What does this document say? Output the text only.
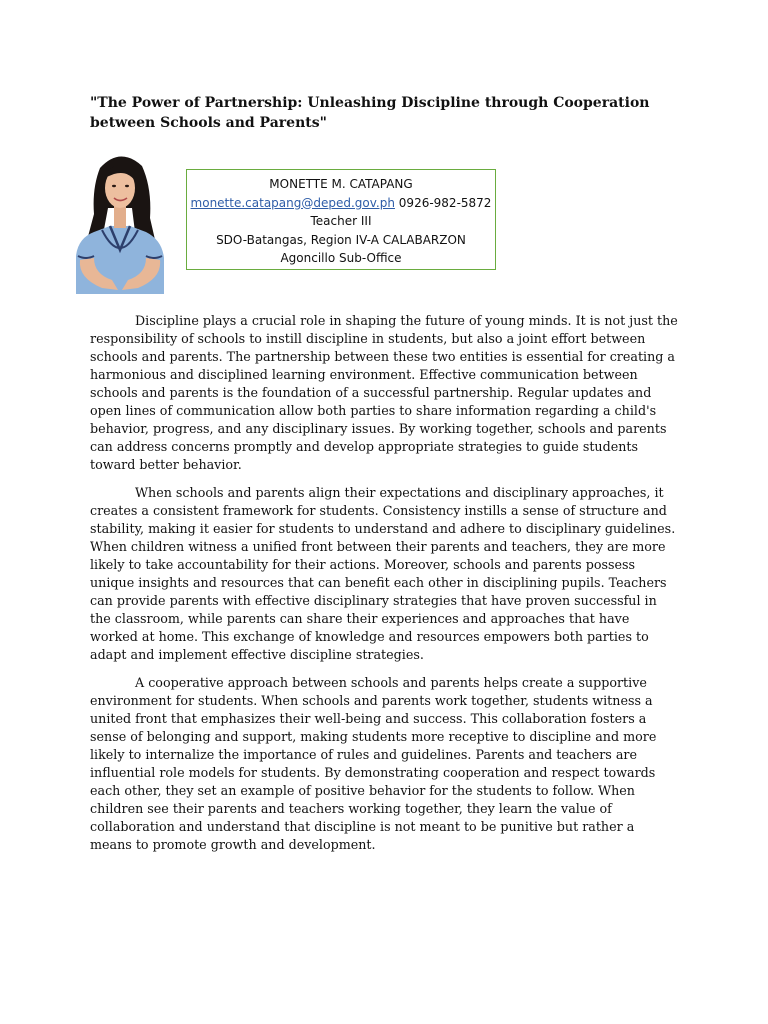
"The Power of Partnership: Unleashing Discipline through Cooperation between Schools and Parents"
MONETTE M. CATAPANG
monette.catapang@deped.gov.ph 0926-982-5872
Teacher III
SDO-Batangas, Region IV-A CALABARZON
Agoncillo Sub-Office

Discipline plays a crucial role in shaping the future of young minds. It is not just the responsibility of schools to instill discipline in students, but also a joint effort between schools and parents. The partnership between these two entities is essential for creating a harmonious and disciplined learning environment. Effective communication between schools and parents is the foundation of a successful partnership. Regular updates and open lines of communication allow both parties to share information regarding a child's behavior, progress, and any disciplinary issues. By working together, schools and parents can address concerns promptly and develop appropriate strategies to guide students toward better behavior.

When schools and parents align their expectations and disciplinary approaches, it creates a consistent framework for students. Consistency instills a sense of structure and stability, making it easier for students to understand and adhere to disciplinary guidelines. When children witness a unified front between their parents and teachers, they are more likely to take accountability for their actions. Moreover, schools and parents possess unique insights and resources that can benefit each other in disciplining pupils. Teachers can provide parents with effective disciplinary strategies that have proven successful in the classroom, while parents can share their experiences and approaches that have worked at home. This exchange of knowledge and resources empowers both parties to adapt and implement effective discipline strategies.

A cooperative approach between schools and parents helps create a supportive environment for students. When schools and parents work together, students witness a united front that emphasizes their well-being and success. This collaboration fosters a sense of belonging and support, making students more receptive to discipline and more likely to internalize the importance of rules and guidelines. Parents and teachers are influential role models for students. By demonstrating cooperation and respect towards each other, they set an example of positive behavior for the students to follow. When children see their parents and teachers working together, they learn the value of collaboration and understand that discipline is not meant to be punitive but rather a means to promote growth and development.
